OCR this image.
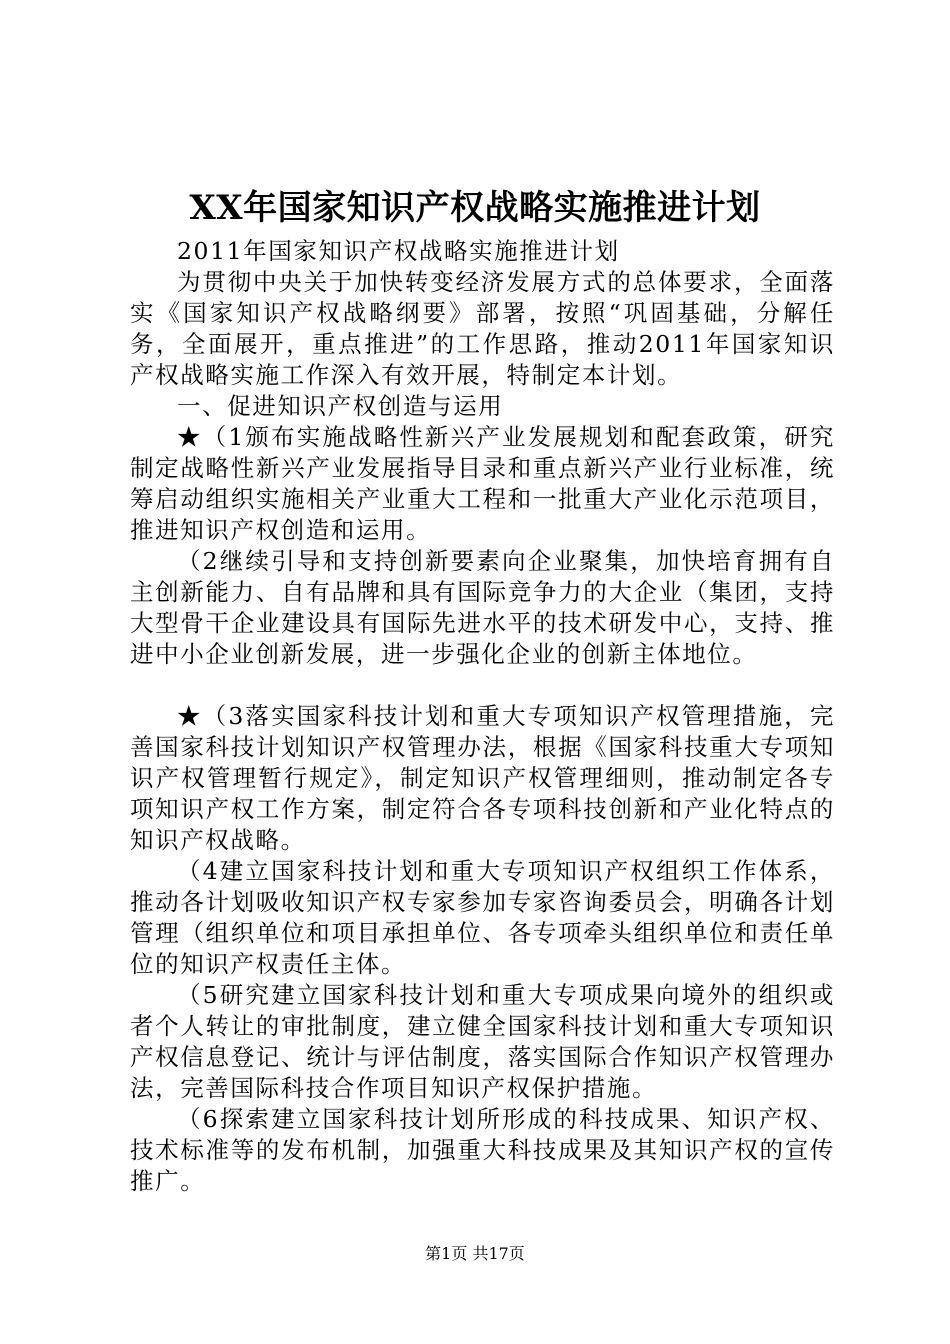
XX年国家知识产权战略实施推进计划

2011年国家知识产权战略实施推进计划

为贯彻中央关于加快转变经济发展方式的总体要求，全面落实《国家知识产权战略纲要》部署，按照“巩固基础，分解任务，全面展开，重点推进”的工作思路，推动2011年国家知识产权战略实施工作深入有效开展，特制定本计划。

一、促进知识产权创造与运用

★（1颁布实施战略性新兴产业发展规划和配套政策，研究制定战略性新兴产业发展指导目录和重点新兴产业行业标准，统筹启动组织实施相关产业重大工程和一批重大产业化示范项目，推进知识产权创造和运用。

（2继续引导和支持创新要素向企业聚集，加快培育拥有自主创新能力、自有品牌和具有国际竞争力的大企业（集团，支持大型骨干企业建设具有国际先进水平的技术研发中心，支持、推进中小企业创新发展，进一步强化企业的创新主体地位。

★（3落实国家科技计划和重大专项知识产权管理措施，完善国家科技计划知识产权管理办法，根据《国家科技重大专项知识产权管理暂行规定》，制定知识产权管理细则，推动制定各专项知识产权工作方案，制定符合各专项科技创新和产业化特点的知识产权战略。

（4建立国家科技计划和重大专项知识产权组织工作体系，推动各计划吸收知识产权专家参加专家咨询委员会，明确各计划管理（组织单位和项目承担单位、各专项牵头组织单位和责任单位的知识产权责任主体。

（5研究建立国家科技计划和重大专项成果向境外的组织或者个人转让的审批制度，建立健全国家科技计划和重大专项知识产权信息登记、统计与评估制度，落实国际合作知识产权管理办法，完善国际科技合作项目知识产权保护措施。

（6探索建立国家科技计划所形成的科技成果、知识产权、技术标准等的发布机制，加强重大科技成果及其知识产权的宣传推广。

第1页 共17页
